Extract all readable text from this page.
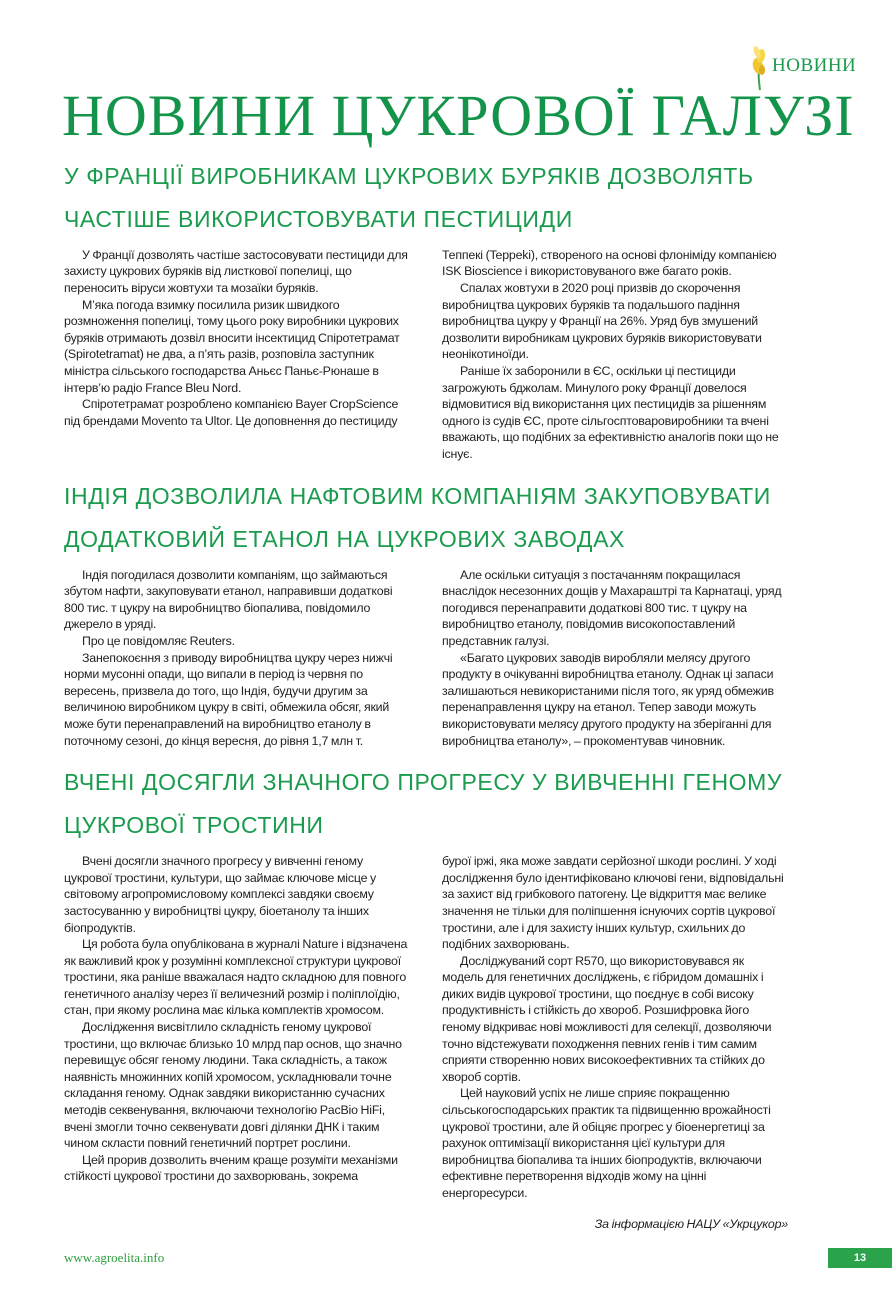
НОВИНИ
НОВИНИ ЦУКРОВОЇ ГАЛУЗІ
У ФРАНЦІЇ ВИРОБНИКАМ ЦУКРОВИХ БУРЯКІВ ДОЗВОЛЯТЬ
ЧАСТІШЕ ВИКОРИСТОВУВАТИ ПЕСТИЦИДИ

У Франції дозволять частіше застосовувати пестициди для захисту цукрових буряків від листкової попелиці, що переносить віруси жовтухи та мозаїки буряків.

М’яка погода взимку посилила ризик швидкого розмноження попелиці, тому цього року виробники цукрових буряків отримають дозвіл вносити інсектицид Спіротетрамат (Spirotetramat) не два, а п’ять разів, розповіла заступник міністра сільського господарства Аньєс Паньє-Рюнаше в інтерв’ю радіо France Bleu Nord.

Спіротетрамат розроблено компанією Bayer CropScience під брендами Movento та Ultor. Це доповнення до пестициду

Теппекі (Teppeki), створеного на основі флоніміду компанією ISK Bioscience і використовуваного вже багато років.

Спалах жовтухи в 2020 році призвів до скорочення виробництва цукрових буряків та подальшого падіння виробництва цукру у Франції на 26%. Уряд був змушений дозволити виробникам цукрових буряків використовувати неонікотиноїди.

Раніше їх заборонили в ЄС, оскільки ці пестициди загрожують бджолам. Минулого року Франції довелося відмовитися від використання цих пестицидів за рішенням одного із судів ЄС, проте сільгосптоваровиробники та вчені вважають, що подібних за ефективністю аналогів поки що не існує.

ІНДІЯ ДОЗВОЛИЛА НАФТОВИМ КОМПАНІЯМ ЗАКУПОВУВАТИ
ДОДАТКОВИЙ ЕТАНОЛ НА ЦУКРОВИХ ЗАВОДАХ

Індія погодилася дозволити компаніям, що займаються збутом нафти, закуповувати етанол, направивши додаткові 800 тис. т цукру на виробництво біопалива, повідомило джерело в уряді.

Про це повідомляє Reuters.

Занепокоєння з приводу виробництва цукру через нижчі норми мусонні опади, що випали в період із червня по вересень, призвела до того, що Індія, будучи другим за величиною виробником цукру в світі, обмежила обсяг, який може бути перенаправлений на виробництво етанолу в поточному сезоні, до кінця вересня, до рівня 1,7 млн т.

Але оскільки ситуація з постачанням покращилася внаслідок несезонних дощів у Махараштрі та Карнатаці, уряд погодився перенаправити додаткові 800 тис. т цукру на виробництво етанолу, повідомив високопоставлений представник галузі.

«Багато цукрових заводів виробляли мелясу другого продукту в очікуванні виробництва етанолу. Однак ці запаси залишаються невикористаними після того, як уряд обмежив перенаправлення цукру на етанол. Тепер заводи можуть використовувати мелясу другого продукту на зберіганні для виробництва етанолу», – прокоментував чиновник.

ВЧЕНІ ДОСЯГЛИ ЗНАЧНОГО ПРОГРЕСУ У ВИВЧЕННІ ГЕНОМУ
ЦУКРОВОЇ ТРОСТИНИ

Вчені досягли значного прогресу у вивченні геному цукрової тростини, культури, що займає ключове місце у світовому агропромисловому комплексі завдяки своєму застосуванню у виробництві цукру, біоетанолу та інших біопродуктів.

Ця робота була опублікована в журналі Nature і відзначена як важливий крок у розумінні комплексної структури цукрової тростини, яка раніше вважалася надто складною для повного генетичного аналізу через її величезний розмір і поліплоїдію, стан, при якому рослина має кілька комплектів хромосом.

Дослідження висвітлило складність геному цукрової тростини, що включає близько 10 млрд пар основ, що значно перевищує обсяг геному людини. Така складність, а також наявність множинних копій хромосом, ускладнювали точне складання геному. Однак завдяки використанню сучасних методів секвенування, включаючи технологію PacBio HiFi, вчені змогли точно секвенувати довгі ділянки ДНК і таким чином скласти повний генетичний портрет рослини.

Цей прорив дозволить вченим краще розуміти механізми стійкості цукрової тростини до захворювань, зокрема

бурої іржі, яка може завдати серйозної шкоди рослині. У ході дослідження було ідентифіковано ключові гени, відповідальні за захист від грибкового патогену. Це відкриття має велике значення не тільки для поліпшення існуючих сортів цукрової тростини, але і для захисту інших культур, схильних до подібних захворювань.

Досліджуваний сорт R570, що використовувався як модель для генетичних досліджень, є гібридом домашніх і диких видів цукрової тростини, що поєднує в собі високу продуктивність і стійкість до хвороб. Розшифровка його геному відкриває нові можливості для селекції, дозволяючи точно відстежувати походження певних генів і тим самим сприяти створенню нових високоефективних та стійких до хвороб сортів.

Цей науковий успіх не лише сприяє покращенню сільськогосподарських практик та підвищенню врожайності цукрової тростини, але й обіцяє прогрес у біоенергетиці за рахунок оптимізації використання цієї культури для виробництва біопалива та інших біопродуктів, включаючи ефективне перетворення відходів жому на цінні енергоресурси.

За інформацією НАЦУ «Укрцукор»

www.agroelita.info	13
